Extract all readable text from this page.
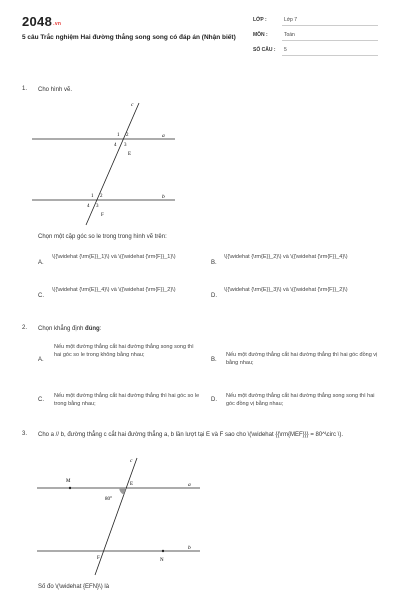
2048.vn
5 câu Trắc nghiệm Hai đường thẳng song song có đáp án (Nhận biết)
LỚP :	Lớp 7
MÔN :	Toán
SỐ CÂU : 5
1. Cho hình vẽ.
c
a
b
1 2
4 3
E
1 2
4 3
F
c
a
b
M
E
80°
F	N
Chọn một cặp góc so le trong trong hình vẽ trên:
A.
\({\widehat {\rm{E}}_1}\) và \({\widehat {\rm{F}}_1}\)
B.
\({\widehat {\rm{E}}_2}\) và \({\widehat {\rm{F}}_4}\)
C.
\({\widehat {\rm{E}}_4}\) và \({\widehat {\rm{F}}_2}\)
D.
\({\widehat {\rm{E}}_3}\) và \({\widehat {\rm{F}}_2}\)
2. Chọn khẳng định đúng:
A.
Nếu một đường thẳng cắt hai đường thẳng song song thì hai góc so le trong không bằng nhau;
B.
Nếu một đường thẳng cắt hai đường thẳng thì hai góc đồng vị bằng nhau;
C.
Nếu một đường thẳng cắt hai đường thẳng thì hai góc so le trong bằng nhau;
D.
Nếu một đường thẳng cắt hai đường thẳng song song thì hai góc đồng vị bằng nhau;
3. Cho a // b, đường thẳng c cắt hai đường thẳng a, b lần lượt tại E và F sao cho \(\widehat {{\rm{MEF}}} = 80^\circ \).
Số đo \(\widehat {EFN}\) là
